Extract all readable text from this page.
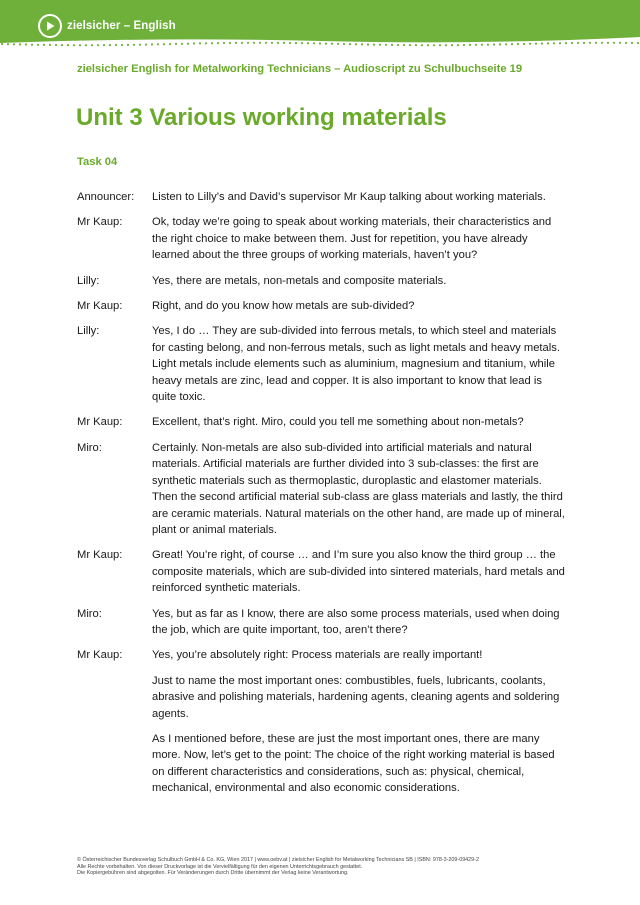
zielsicher – English
zielsicher English for Metalworking Technicians – Audioscript zu Schulbuchseite 19
Unit 3 Various working materials
Task 04
Announcer:	Listen to Lilly’s and David’s supervisor Mr Kaup talking about working materials.

Mr Kaup:	Ok, today we’re going to speak about working materials, their characteristics and the right choice to make between them. Just for repetition, you have already learned about the three groups of working materials, haven’t you?

Lilly:	Yes, there are metals, non-metals and composite materials.

Mr Kaup:	Right, and do you know how metals are sub-divided?

Lilly:	Yes, I do … They are sub-divided into ferrous metals, to which steel and materials for casting belong, and non-ferrous metals, such as light metals and heavy metals. Light metals include elements such as aluminium, magnesium and titanium, while heavy metals are zinc, lead and copper. It is also important to know that lead is quite toxic.

Mr Kaup:	Excellent, that’s right. Miro, could you tell me something about non-metals?

Miro:	Certainly. Non-metals are also sub-divided into artificial materials and natural materials. Artificial materials are further divided into 3 sub-classes: the first are synthetic materials such as thermoplastic, duroplastic and elastomer materials. Then the second artificial material sub-class are glass materials and lastly, the third are ceramic materials. Natural materials on the other hand, are made up of mineral, plant or animal materials.

Mr Kaup:	Great! You’re right, of course … and I’m sure you also know the third group … the composite materials, which are sub-divided into sintered materials, hard metals and reinforced synthetic materials.

Miro:	Yes, but as far as I know, there are also some process materials, used when doing the job, which are quite important, too, aren’t there?

Mr Kaup:	Yes, you’re absolutely right: Process materials are really important!

Just to name the most important ones: combustibles, fuels, lubricants, coolants, abrasive and polishing materials, hardening agents, cleaning agents and soldering agents.

As I mentioned before, these are just the most important ones, there are many more. Now, let’s get to the point: The choice of the right working material is based on different characteristics and considerations, such as: physical, chemical, mechanical, environmental and also economic considerations.

© Österreichischer Bundesverlag Schulbuch GmbH & Co. KG, Wien 2017 | www.oebv.at | zielsicher English for Metalworking Technicians SB | ISBN: 978-3-209-09429-2
Alle Rechte vorbehalten. Von dieser Druckvorlage ist die Vervielfältigung für den eigenen Unterrichtsgebrauch gestattet.
Die Kopiergebühren sind abgegolten. Für Veränderungen durch Dritte übernimmt der Verlag keine Verantwortung.
